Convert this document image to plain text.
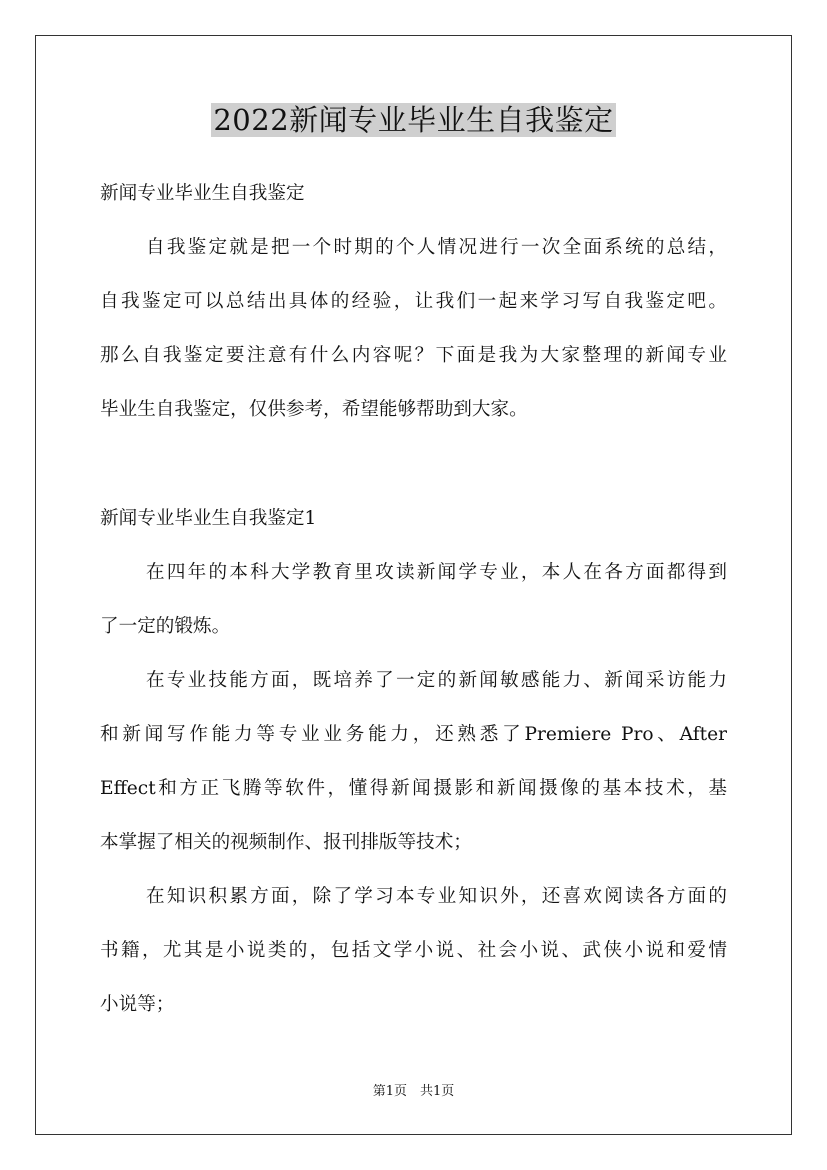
2022新闻专业毕业生自我鉴定
新闻专业毕业生自我鉴定
自我鉴定就是把一个时期的个人情况进行一次全面系统的总结，
自我鉴定可以总结出具体的经验，让我们一起来学习写自我鉴定吧。
那么自我鉴定要注意有什么内容呢？下面是我为大家整理的新闻专业
毕业生自我鉴定，仅供参考，希望能够帮助到大家。
新闻专业毕业生自我鉴定1
在四年的本科大学教育里攻读新闻学专业，本人在各方面都得到
了一定的锻炼。
在专业技能方面，既培养了一定的新闻敏感能力、新闻采访能力
和新闻写作能力等专业业务能力，还熟悉了Premiere Pro、After
Effect和方正飞腾等软件，懂得新闻摄影和新闻摄像的基本技术，基
本掌握了相关的视频制作、报刊排版等技术；
在知识积累方面，除了学习本专业知识外，还喜欢阅读各方面的
书籍，尤其是小说类的，包括文学小说、社会小说、武侠小说和爱情
小说等；
第1页　共1页
